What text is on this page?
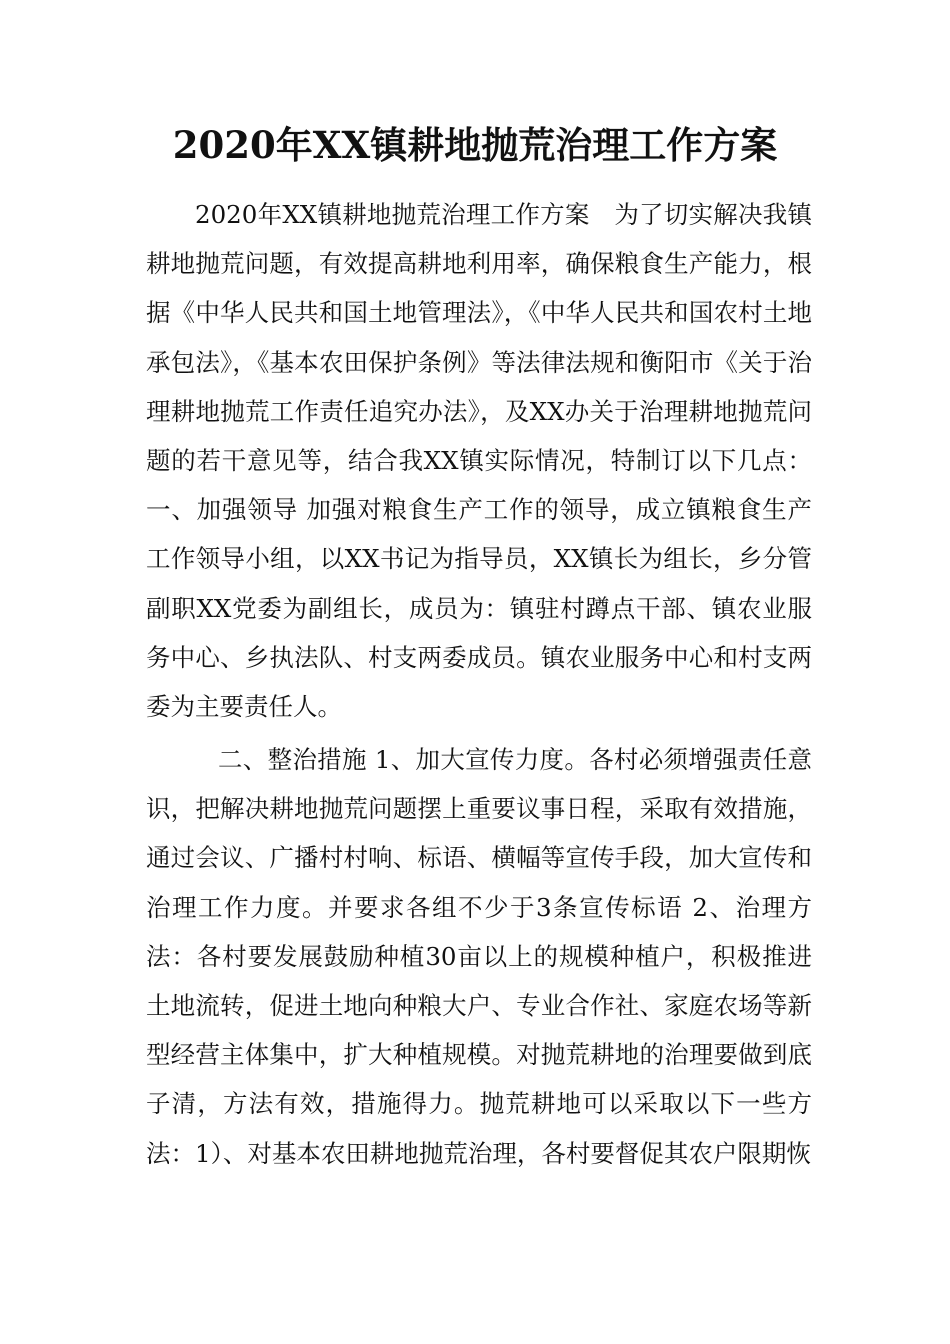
2020年XX镇耕地抛荒治理工作方案

2020年XX镇耕地抛荒治理工作方案　为了切实解决我镇耕地抛荒问题，有效提高耕地利用率，确保粮食生产能力，根据《中华人民共和国土地管理法》，《中华人民共和国农村土地承包法》，《基本农田保护条例》等法律法规和衡阳市《关于治理耕地抛荒工作责任追究办法》，及XX办关于治理耕地抛荒问题的若干意见等，结合我XX镇实际情况，特制订以下几点：一、加强领导 加强对粮食生产工作的领导，成立镇粮食生产工作领导小组，以XX书记为指导员，XX镇长为组长，乡分管副职XX党委为副组长，成员为：镇驻村蹲点干部、镇农业服务中心、乡执法队、村支两委成员。镇农业服务中心和村支两委为主要责任人。

二、整治措施 1、加大宣传力度。各村必须增强责任意识，把解决耕地抛荒问题摆上重要议事日程，采取有效措施，通过会议、广播村村响、标语、横幅等宣传手段，加大宣传和治理工作力度。并要求各组不少于3条宣传标语 2、治理方法：各村要发展鼓励种植30亩以上的规模种植户，积极推进土地流转，促进土地向种粮大户、专业合作社、家庭农场等新型经营主体集中，扩大种植规模。对抛荒耕地的治理要做到底子清，方法有效，措施得力。抛荒耕地可以采取以下一些方法：1）、对基本农田耕地抛荒治理，各村要督促其农户限期恢
